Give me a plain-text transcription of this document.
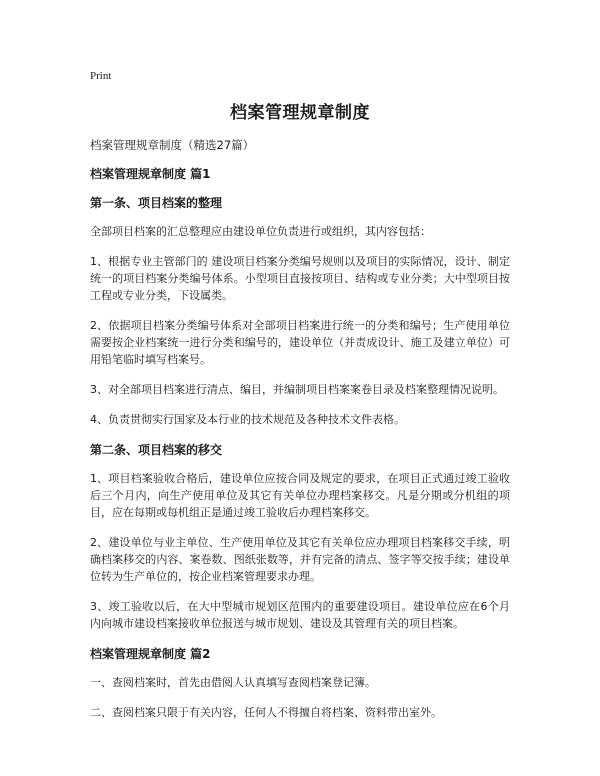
Print
档案管理规章制度
档案管理规章制度（精选27篇）
档案管理规章制度 篇1
第一条、项目档案的整理

全部项目档案的汇总整理应由建设单位负责进行或组织，其内容包括：

1、根据专业主管部门的 建设项目档案分类编号规则以及项目的实际情况，设计、制定统一的项目档案分类编号体系。小型项目直接按项目、结构或专业分类；大中型项目按工程或专业分类，下设属类。

2、依据项目档案分类编号体系对全部项目档案进行统一的分类和编号；生产使用单位需要按企业档案统一进行分类和编号的，建设单位（并责成设计、施工及建立单位）可用铅笔临时填写档案号。

3、对全部项目档案进行清点、编目，并编制项目档案案卷目录及档案整理情况说明。

4、负责贯彻实行国家及本行业的技术规范及各种技术文件表格。

第二条、项目档案的移交

1、项目档案验收合格后，建设单位应按合同及规定的要求，在项目正式通过竣工验收后三个月内，向生产使用单位及其它有关单位办理档案移交。凡是分期或分机组的项目，应在每期或每机组正是通过竣工验收后办理档案移交。

2、建设单位与业主单位、生产使用单位及其它有关单位应办理项目档案移交手续，明确档案移交的内容、案卷数、图纸张数等，并有完备的清点、签字等交按手续；建设单位转为生产单位的，按企业档案管理要求办理。

3、竣工验收以后，在大中型城市规划区范围内的重要建设项目。建设单位应在6个月内向城市建设档案接收单位报送与城市规划、建设及其管理有关的项目档案。

档案管理规章制度 篇2

一、查阅档案时，首先由借阅人认真填写查阅档案登记簿。

二、查阅档案只限于有关内容，任何人不得擅自将档案、资料带出室外。
